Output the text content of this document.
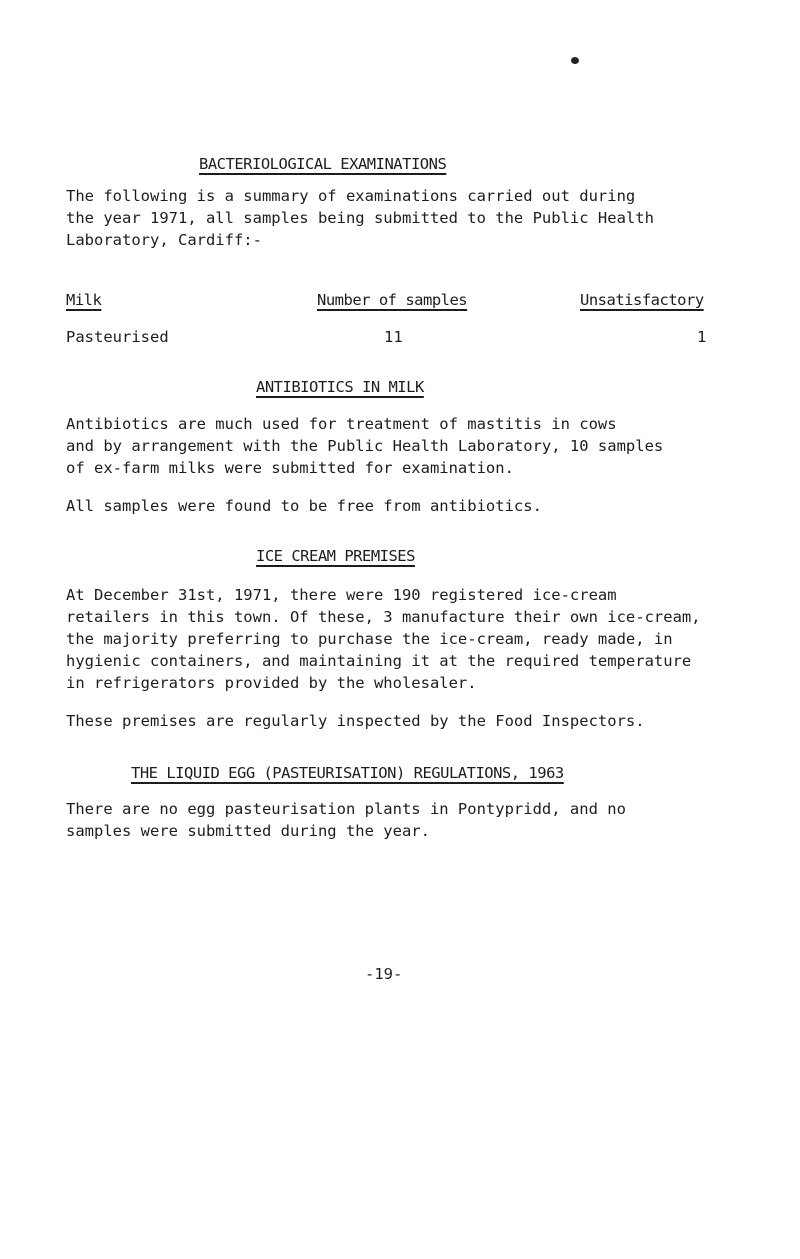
BACTERIOLOGICAL EXAMINATIONS
The following is a summary of examinations carried out during
the year 1971, all samples being submitted to the Public Health
Laboratory, Cardiff:-
Milk	Number of samples	Unsatisfactory
Pasteurised	11	1
ANTIBIOTICS IN MILK
Antibiotics are much used for treatment of mastitis in cows
and by arrangement with the Public Health Laboratory, 10 samples
of ex-farm milks were submitted for examination.
All samples were found to be free from antibiotics.
ICE CREAM PREMISES
At December 31st, 1971, there were 190 registered ice-cream
retailers in this town. Of these, 3 manufacture their own ice-cream,
the majority preferring to purchase the ice-cream, ready made, in
hygienic containers, and maintaining it at the required temperature
in refrigerators provided by the wholesaler.
These premises are regularly inspected by the Food Inspectors.
THE LIQUID EGG (PASTEURISATION) REGULATIONS, 1963
There are no egg pasteurisation plants in Pontypridd, and no
samples were submitted during the year.
-19-
